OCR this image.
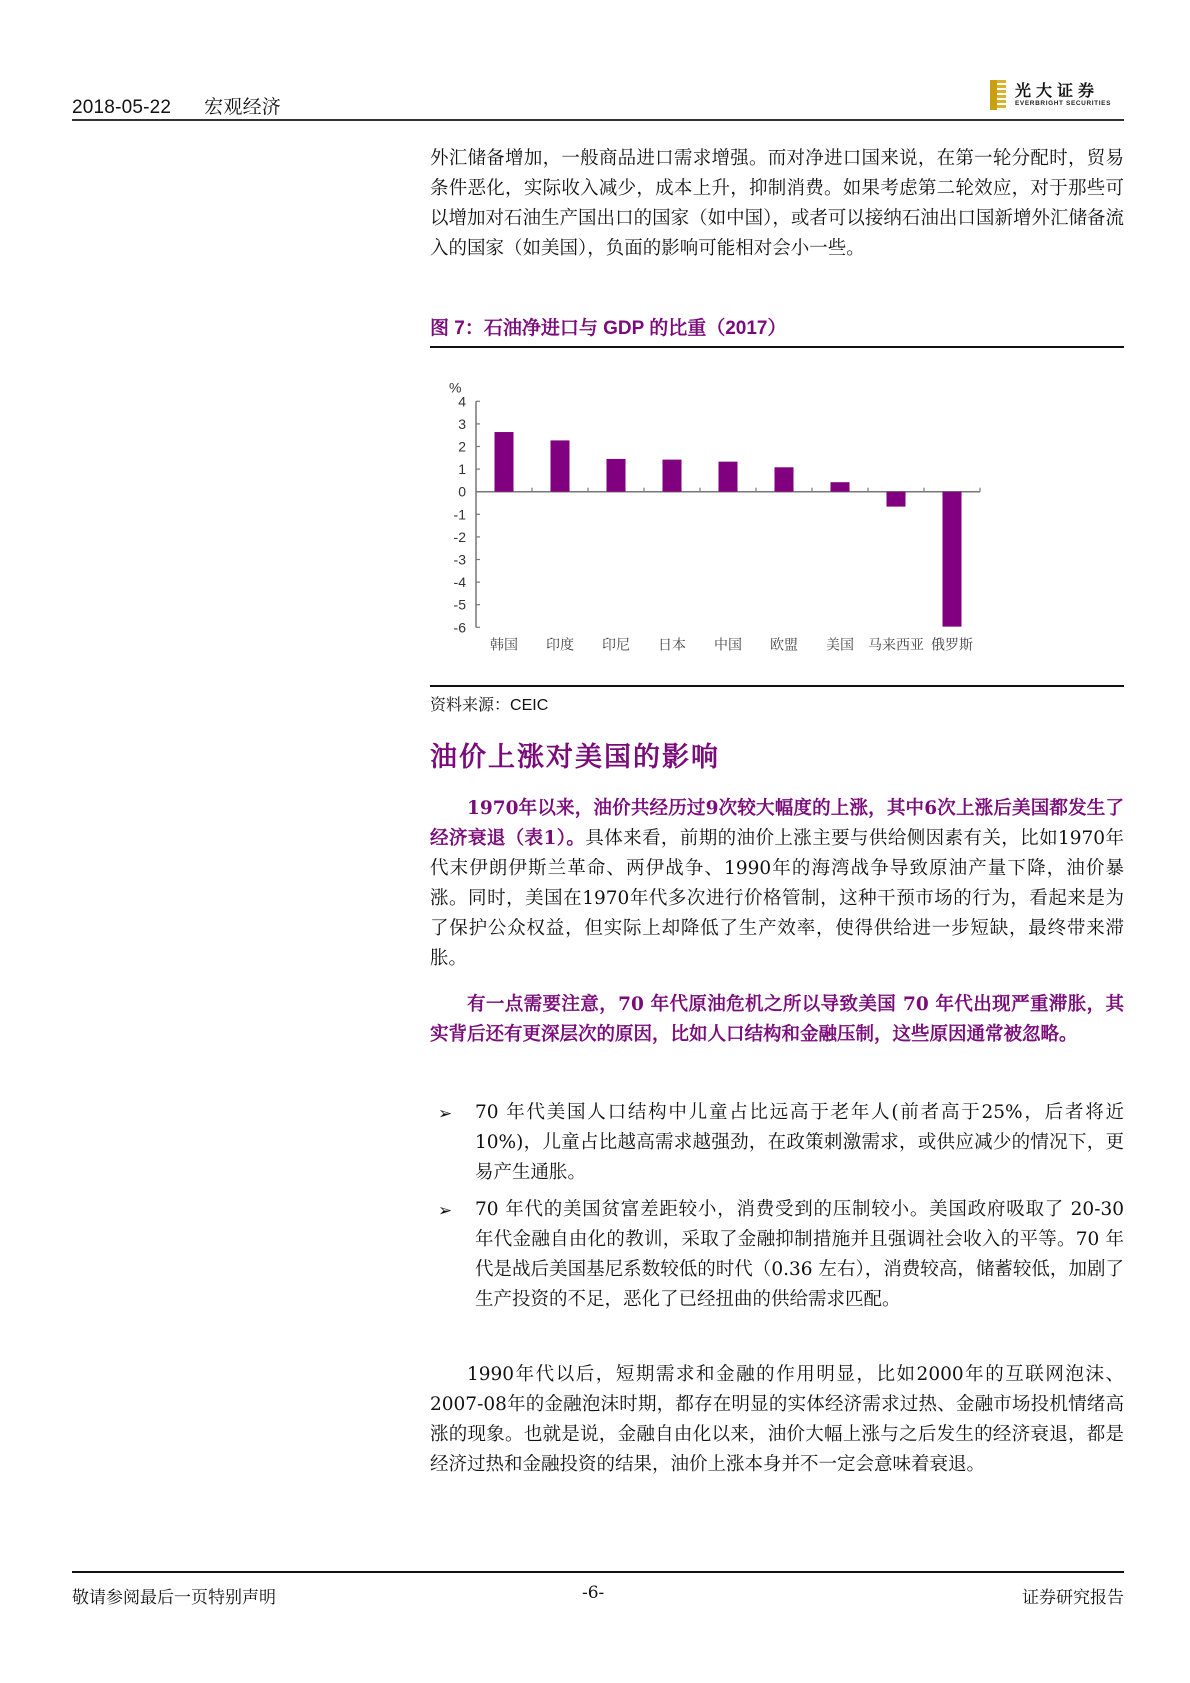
2018-05-22 宏观经济
光大证券
EVERBRIGHT SECURITIES

外汇储备增加，一般商品进口需求增强。而对净进口国来说，在第一轮分配时，贸易条件恶化，实际收入减少，成本上升，抑制消费。如果考虑第二轮效应，对于那些可以增加对石油生产国出口的国家（如中国），或者可以接纳石油出口国新增外汇储备流入的国家（如美国），负面的影响可能相对会小一些。

图 7：石油净进口与 GDP 的比重（2017）
%
4
3
2
1
0
-1
-2
-3
-4
-5
-6
韩国 印度 印尼 日本 中国 欧盟 美国 马来西亚 俄罗斯
资料来源：CEIC
油价上涨对美国的影响

1970年以来，油价共经历过9次较大幅度的上涨，其中6次上涨后美国都发生了经济衰退（表1）。具体来看，前期的油价上涨主要与供给侧因素有关，比如1970年代末伊朗伊斯兰革命、两伊战争、1990年的海湾战争导致原油产量下降，油价暴涨。同时，美国在1970年代多次进行价格管制，这种干预市场的行为，看起来是为了保护公众权益，但实际上却降低了生产效率，使得供给进一步短缺，最终带来滞胀。

有一点需要注意，70 年代原油危机之所以导致美国 70 年代出现严重滞胀，其实背后还有更深层次的原因，比如人口结构和金融压制，这些原因通常被忽略。

➢ 70 年代美国人口结构中儿童占比远高于老年人(前者高于25%，后者将近 10%)，儿童占比越高需求越强劲，在政策刺激需求，或供应减少的情况下，更易产生通胀。
➢ 70 年代的美国贫富差距较小，消费受到的压制较小。美国政府吸取了 20-30 年代金融自由化的教训，采取了金融抑制措施并且强调社会收入的平等。70 年代是战后美国基尼系数较低的时代（0.36 左右），消费较高，储蓄较低，加剧了生产投资的不足，恶化了已经扭曲的供给需求匹配。

1990年代以后，短期需求和金融的作用明显，比如2000年的互联网泡沫、2007-08年的金融泡沫时期，都存在明显的实体经济需求过热、金融市场投机情绪高涨的现象。也就是说，金融自由化以来，油价大幅上涨与之后发生的经济衰退，都是经济过热和金融投资的结果，油价上涨本身并不一定会意味着衰退。

敬请参阅最后一页特别声明	-6-	证券研究报告
